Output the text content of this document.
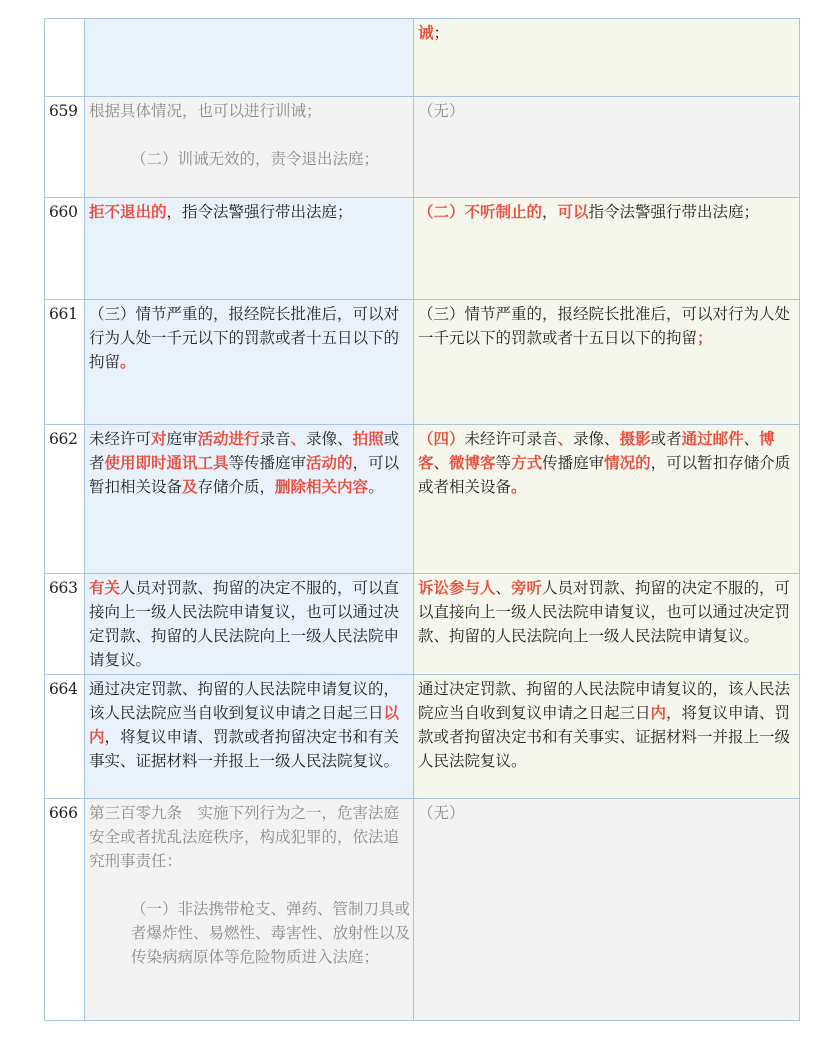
		诫；

659	根据具体情况，也可以进行训诫；

（二）训诫无效的，责令退出法庭；	（无）

660	拒不退出的，指令法警强行带出法庭；	（二）不听制止的，可以指令法警强行带出法庭；

661	（三）情节严重的，报经院长批准后，可以对行为人处一千元以下的罚款或者十五日以下的拘留。	（三）情节严重的，报经院长批准后，可以对行为人处一千元以下的罚款或者十五日以下的拘留；

662	未经许可对庭审活动进行录音、录像、拍照或者使用即时通讯工具等传播庭审活动的，可以暂扣相关设备及存储介质，删除相关内容。	（四）未经许可录音、录像、摄影或者通过邮件、博客、微博客等方式传播庭审情况的，可以暂扣存储介质或者相关设备。

663	有关人员对罚款、拘留的决定不服的，可以直接向上一级人民法院申请复议，也可以通过决定罚款、拘留的人民法院向上一级人民法院申请复议。	诉讼参与人、旁听人员对罚款、拘留的决定不服的，可以直接向上一级人民法院申请复议，也可以通过决定罚款、拘留的人民法院向上一级人民法院申请复议。

664	通过决定罚款、拘留的人民法院申请复议的，该人民法院应当自收到复议申请之日起三日以内，将复议申请、罚款或者拘留决定书和有关事实、证据材料一并报上一级人民法院复议。	通过决定罚款、拘留的人民法院申请复议的，该人民法院应当自收到复议申请之日起三日内，将复议申请、罚款或者拘留决定书和有关事实、证据材料一并报上一级人民法院复议。

666	第三百零九条　实施下列行为之一，危害法庭安全或者扰乱法庭秩序，构成犯罪的，依法追究刑事责任：

（一）非法携带枪支、弹药、管制刀具或者爆炸性、易燃性、毒害性、放射性以及传染病病原体等危险物质进入法庭；	（无）
